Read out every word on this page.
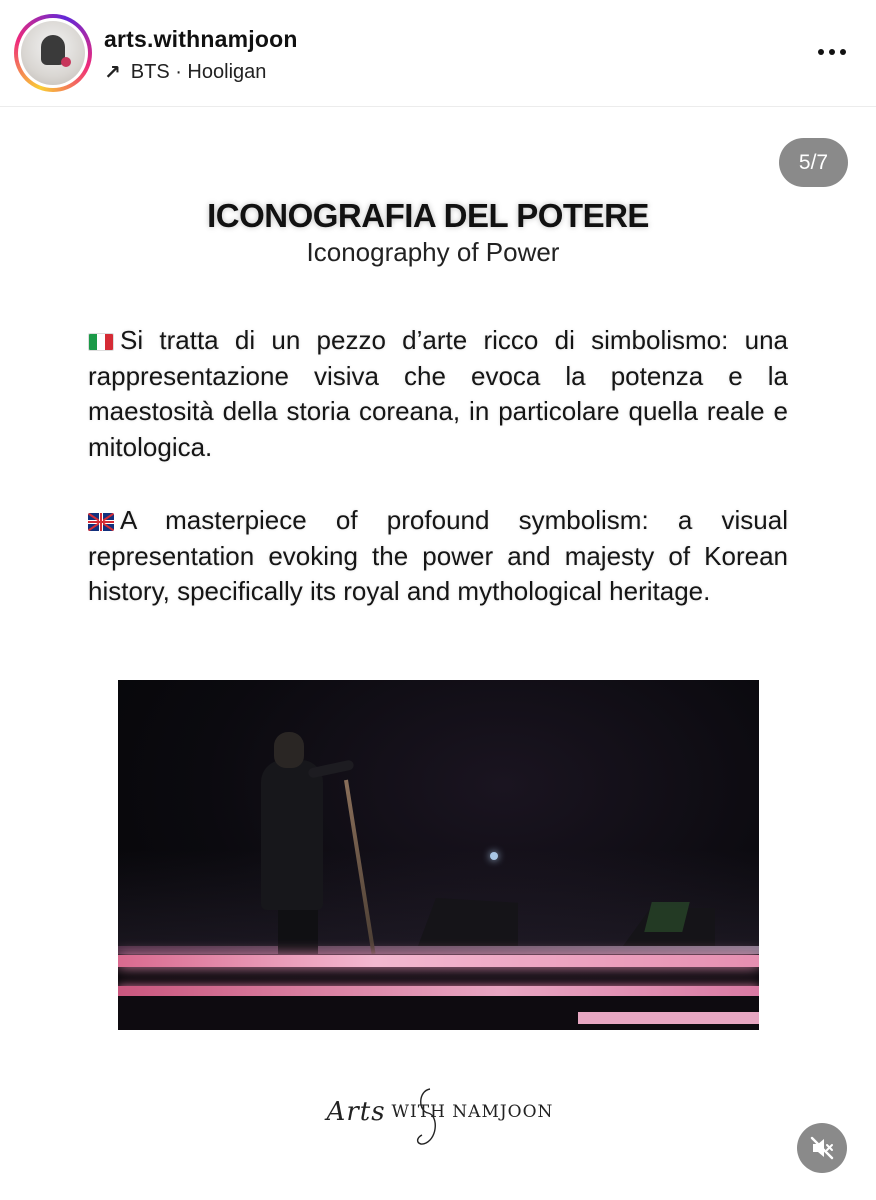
arts.withnamjoon
↗ BTS · Hooligan
5/7
ICONOGRAFIA DEL POTERE
Iconography of Power
Si tratta di un pezzo d’arte ricco di simbolismo: una rappresentazione visiva che evoca la potenza e la maestosità della storia coreana, in particolare quella reale e mitologica.
A masterpiece of profound symbolism: a visual representation evoking the power and majesty of Korean history, specifically its royal and mythological heritage.
Arts WITH NAMJOON
